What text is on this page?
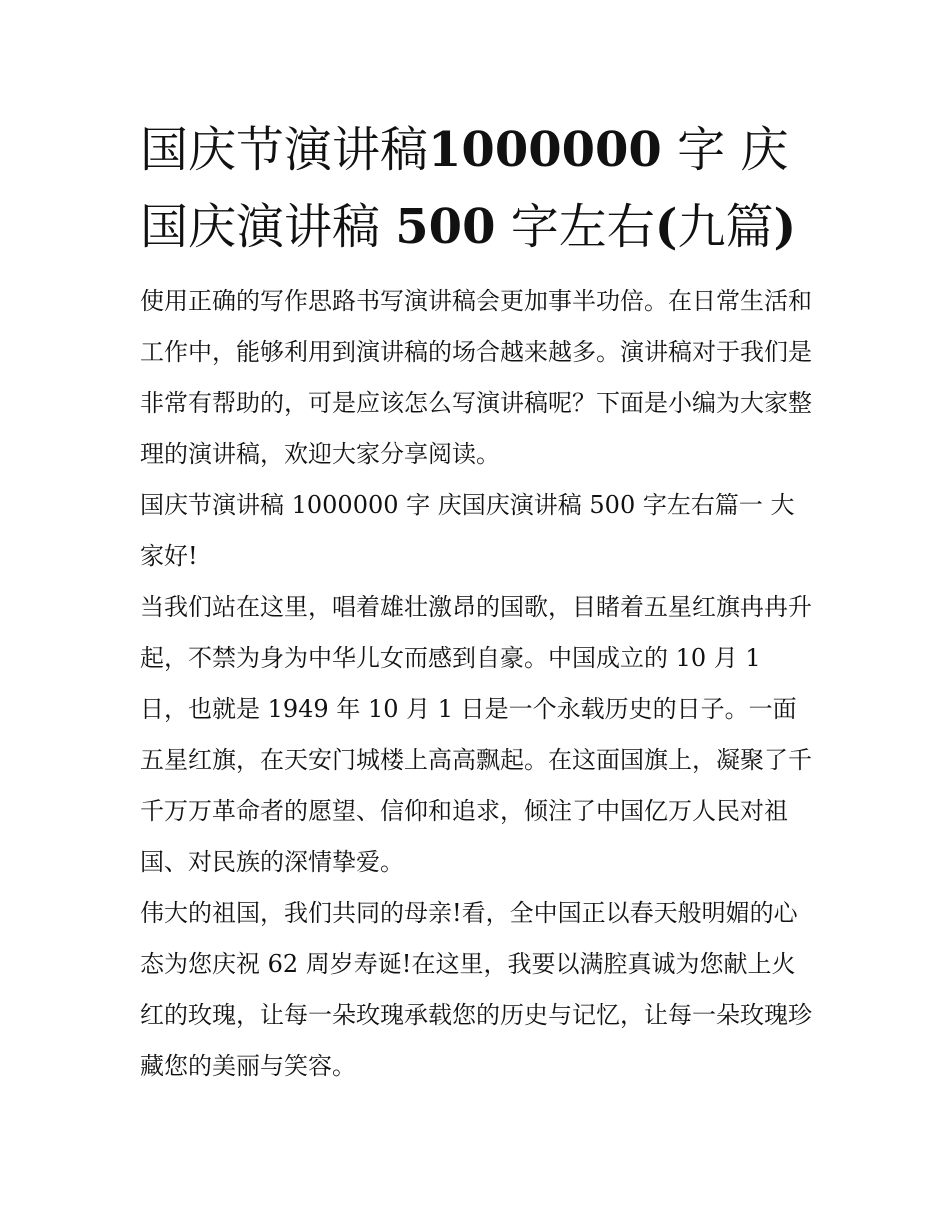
国庆节演讲稿1000000 字 庆国庆演讲稿 500 字左右(九篇)

使用正确的写作思路书写演讲稿会更加事半功倍。在日常生活和工作中，能够利用到演讲稿的场合越来越多。演讲稿对于我们是非常有帮助的，可是应该怎么写演讲稿呢？下面是小编为大家整理的演讲稿，欢迎大家分享阅读。

国庆节演讲稿 1000000 字 庆国庆演讲稿 500 字左右篇一 大家好!

当我们站在这里，唱着雄壮激昂的国歌，目睹着五星红旗冉冉升起，不禁为身为中华儿女而感到自豪。中国成立的 10 月 1 日，也就是 1949 年 10 月 1 日是一个永载历史的日子。一面五星红旗，在天安门城楼上高高飘起。在这面国旗上，凝聚了千千万万革命者的愿望、信仰和追求，倾注了中国亿万人民对祖国、对民族的深情挚爱。

伟大的祖国，我们共同的母亲!看，全中国正以春天般明媚的心态为您庆祝 62 周岁寿诞!在这里，我要以满腔真诚为您献上火红的玫瑰，让每一朵玫瑰承载您的历史与记忆，让每一朵玫瑰珍藏您的美丽与笑容。
